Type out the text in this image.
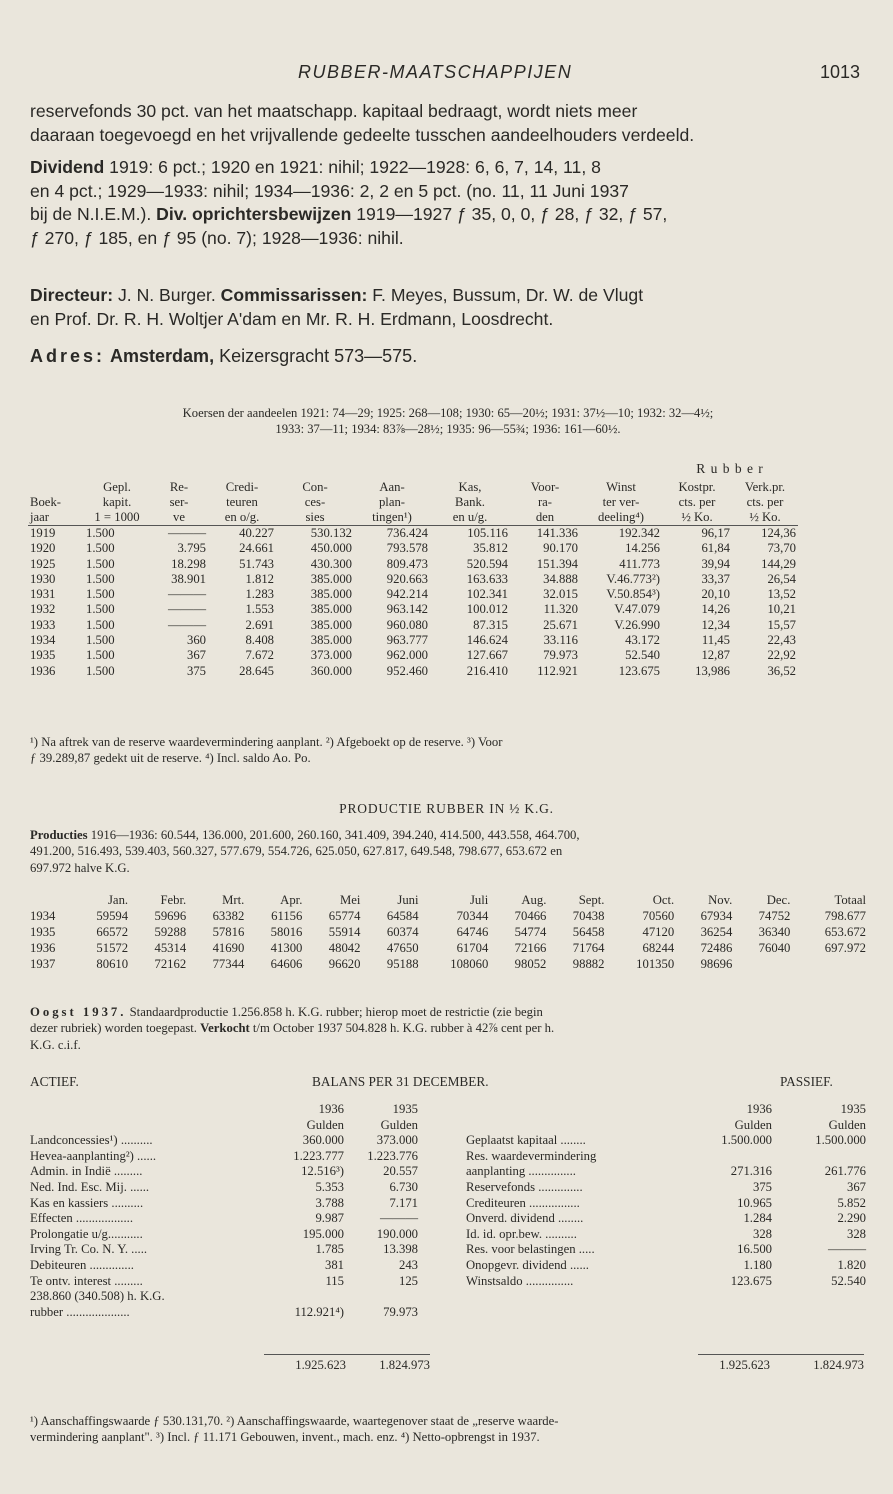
RUBBER-MAATSCHAPPIJEN	1013
reservefonds 30 pct. van het maatschapp. kapitaal bedraagt, wordt niets meer
daaraan toegevoegd en het vrijvallende gedeelte tusschen aandeelhouders verdeeld.
Dividend 1919: 6 pct.; 1920 en 1921: nihil; 1922—1928: 6, 6, 7, 14, 11, 8
en 4 pct.; 1929—1933: nihil; 1934—1936: 2, 2 en 5 pct. (no. 11, 11 Juni 1937
bij de N.I.E.M.). Div. oprichtersbewijzen 1919—1927 ƒ 35, 0, 0, ƒ 28, ƒ 32, ƒ 57,
ƒ 270, ƒ 185, en ƒ 95 (no. 7); 1928—1936: nihil.
Directeur: J. N. Burger. Commissarissen: F. Meyes, Bussum, Dr. W. de Vlugt
en Prof. Dr. R. H. Woltjer A'dam en Mr. R. H. Erdmann, Loosdrecht.
Adres: Amsterdam, Keizersgracht 573—575.
Koersen der aandeelen 1921: 74—29; 1925: 268—108; 1930: 65—20½; 1931: 37½—10; 1932: 32—4½;
1933: 37—11; 1934: 83⅞—28½; 1935: 96—55¾; 1936: 161—60½.
									R u b b e r	
	Gepl.	Re-	Credi-	Con-	Aan-	Kas,	Voor-	Winst	Kostpr.	Verk.pr.
Boek-	kapit.	ser-	teuren	ces-	plan-	Bank.	ra-	ter ver-	cts. per	cts. per
jaar	1 = 1000	ve	en o/g.	sies	tingen¹)	en u/g.	den	deeling⁴)	½ Ko.	½ Ko.
1919	1.500	———	40.227	530.132	736.424	105.116	141.336	192.342	96,17	124,36
1920	1.500	3.795	24.661	450.000	793.578	35.812	90.170	14.256	61,84	73,70
1925	1.500	18.298	51.743	430.300	809.473	520.594	151.394	411.773	39,94	144,29
1930	1.500	38.901	1.812	385.000	920.663	163.633	34.888	V.46.773²)	33,37	26,54
1931	1.500	———	1.283	385.000	942.214	102.341	32.015	V.50.854³)	20,10	13,52
1932	1.500	———	1.553	385.000	963.142	100.012	11.320	V.47.079	14,26	10,21
1933	1.500	———	2.691	385.000	960.080	87.315	25.671	V.26.990	12,34	15,57
1934	1.500	360	8.408	385.000	963.777	146.624	33.116	43.172	11,45	22,43
1935	1.500	367	7.672	373.000	962.000	127.667	79.973	52.540	12,87	22,92
1936	1.500	375	28.645	360.000	952.460	216.410	112.921	123.675	13,986	36,52
¹) Na aftrek van de reserve waardevermindering aanplant. ²) Afgeboekt op de reserve. ³) Voor
ƒ 39.289,87 gedekt uit de reserve. ⁴) Incl. saldo Ao. Po.
PRODUCTIE RUBBER IN ½ K.G.
Producties 1916—1936: 60.544, 136.000, 201.600, 260.160, 341.409, 394.240, 414.500, 443.558, 464.700,
491.200, 516.493, 539.403, 560.327, 577.679, 554.726, 625.050, 627.817, 649.548, 798.677, 653.672 en
697.972 halve K.G.
	Jan.	Febr.	Mrt.	Apr.	Mei	Juni	Juli	Aug.	Sept.	Oct.	Nov.	Dec.	Totaal
1934	59594	59696	63382	61156	65774	64584	70344	70466	70438	70560	67934	74752	798.677
1935	66572	59288	57816	58016	55914	60374	64746	54774	56458	47120	36254	36340	653.672
1936	51572	45314	41690	41300	48042	47650	61704	72166	71764	68244	72486	76040	697.972
1937	80610	72162	77344	64606	96620	95188	108060	98052	98882	101350	98696		
Oogst 1937. Standaardproductie 1.256.858 h. K.G. rubber; hierop moet de restrictie (zie begin
dezer rubriek) worden toegepast. Verkocht t/m October 1937 504.828 h. K.G. rubber à 42⅞ cent per h.
K.G. c.i.f.
ACTIEF.	BALANS PER 31 DECEMBER.	PASSIEF.
	1936	1935
	Gulden	Gulden
Landconcessies¹) ..........	360.000	373.000
Hevea-aanplanting²) ......	1.223.777	1.223.776
Admin. in Indië .........	12.516³)	20.557
Ned. Ind. Esc. Mij. ......	5.353	6.730
Kas en kassiers ..........	3.788	7.171
Effecten ..................	9.987	———
Prolongatie u/g...........	195.000	190.000
Irving Tr. Co. N. Y. .....	1.785	13.398
Debiteuren ..............	381	243
Te ontv. interest .........	115	125
238.860 (340.508) h. K.G.		
rubber ....................	112.921⁴)	79.973
	1936	1935
	Gulden	Gulden
Geplaatst kapitaal ........	1.500.000	1.500.000
Res. waardevermindering		
aanplanting ...............	271.316	261.776
Reservefonds ..............	375	367
Crediteuren ................	10.965	5.852
Onverd. dividend ........	1.284	2.290
Id. id. opr.bew. ..........	328	328
Res. voor belastingen .....	16.500	———
Onopgevr. dividend ......	1.180	1.820
Winstsaldo ...............	123.675	52.540
1.925.623	1.824.973	1.925.623	1.824.973
¹) Aanschaffingswaarde ƒ 530.131,70. ²) Aanschaffingswaarde, waartegenover staat de „reserve waarde-
vermindering aanplant". ³) Incl. ƒ 11.171 Gebouwen, invent., mach. enz. ⁴) Netto-opbrengst in 1937.
